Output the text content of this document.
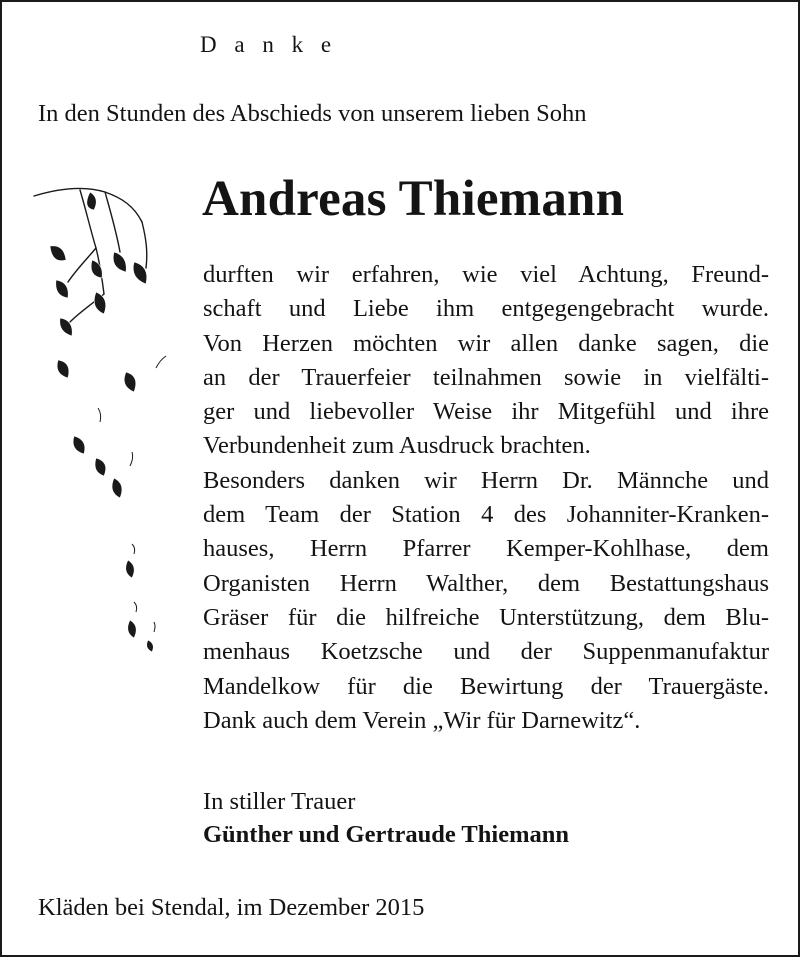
D a n k e
In den Stunden des Abschieds von unserem lieben Sohn
Andreas Thiemann
durften wir erfahren, wie viel Achtung, Freund-
schaft und Liebe ihm entgegengebracht wurde.
Von Herzen möchten wir allen danke sagen, die
an der Trauerfeier teilnahmen sowie in vielfälti-
ger und liebevoller Weise ihr Mitgefühl und ihre
Verbundenheit zum Ausdruck brachten.
Besonders danken wir Herrn Dr. Männche und
dem Team der Station 4 des Johanniter-Kranken-
hauses, Herrn Pfarrer Kemper-Kohlhase, dem
Organisten Herrn Walther, dem Bestattungshaus
Gräser für die hilfreiche Unterstützung, dem Blu-
menhaus Koetzsche und der Suppenmanufaktur
Mandelkow für die Bewirtung der Trauergäste.
Dank auch dem Verein „Wir für Darnewitz“.
In stiller Trauer
Günther und Gertraude Thiemann
Kläden bei Stendal, im Dezember 2015
